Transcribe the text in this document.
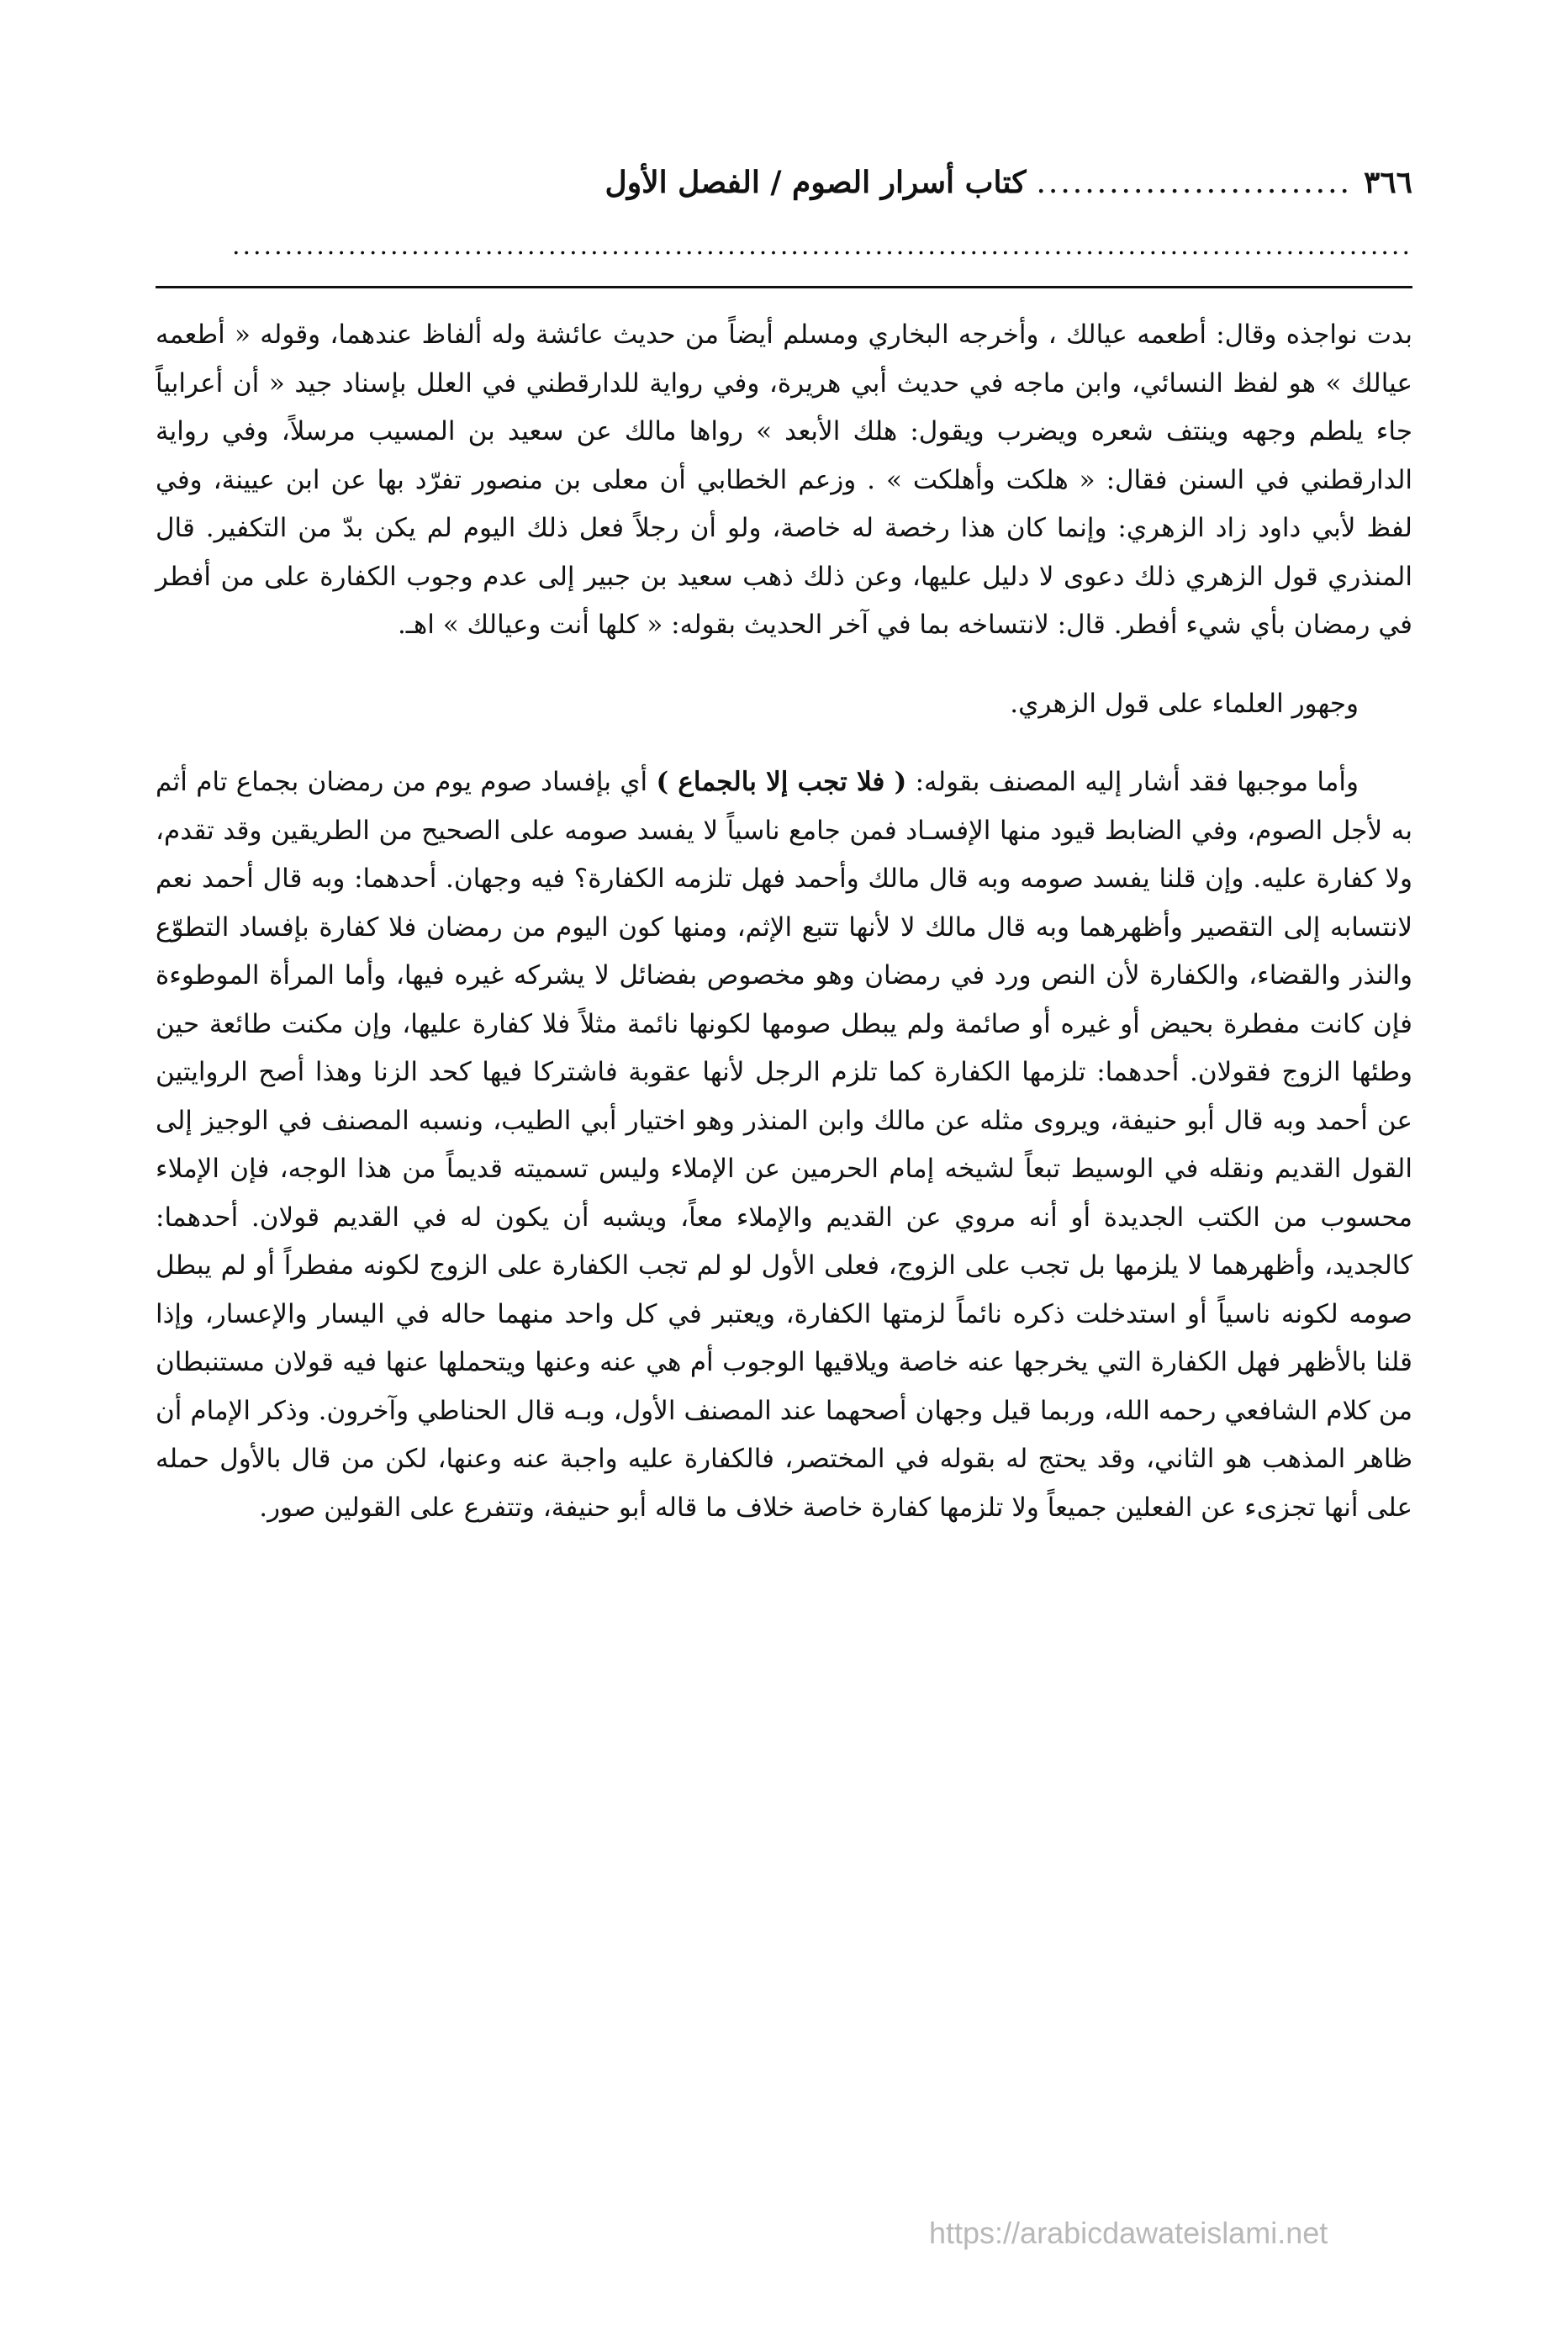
٣٦٦
..........................
كتاب أسرار الصوم / الفصل الأول
................................................................................................................

بدت نواجذه وقال: أطعمه عيالك ، وأخرجه البخاري ومسلم أيضاً من حديث عائشة وله ألفاظ عندهما، وقوله « أطعمه عيالك » هو لفظ النسائي، وابن ماجه في حديث أبي هريرة، وفي رواية للدارقطني في العلل بإسناد جيد « أن أعرابياً جاء يلطم وجهه وينتف شعره ويضرب ويقول: هلك الأبعد » رواها مالك عن سعيد بن المسيب مرسلاً، وفي رواية الدارقطني في السنن فقال: « هلكت وأهلكت » . وزعم الخطابي أن معلى بن منصور تفرّد بها عن ابن عيينة، وفي لفظ لأبي داود زاد الزهري: وإنما كان هذا رخصة له خاصة، ولو أن رجلاً فعل ذلك اليوم لم يكن بدّ من التكفير. قال المنذري قول الزهري ذلك دعوى لا دليل عليها، وعن ذلك ذهب سعيد بن جبير إلى عدم وجوب الكفارة على من أفطر في رمضان بأي شيء أفطر. قال: لانتساخه بما في آخر الحديث بقوله: « كلها أنت وعيالك » اهـ.

وجهور العلماء على قول الزهري.

وأما موجبها فقد أشار إليه المصنف بقوله: ( فلا تجب إلا بالجماع ) أي بإفساد صوم يوم من رمضان بجماع تام أثم به لأجل الصوم، وفي الضابط قيود منها الإفسـاد فمن جامع ناسياً لا يفسد صومه على الصحيح من الطريقين وقد تقدم، ولا كفارة عليه. وإن قلنا يفسد صومه وبه قال مالك وأحمد فهل تلزمه الكفارة؟ فيه وجهان. أحدهما: وبه قال أحمد نعم لانتسابه إلى التقصير وأظهرهما وبه قال مالك لا لأنها تتبع الإثم، ومنها كون اليوم من رمضان فلا كفارة بإفساد التطوّع والنذر والقضاء، والكفارة لأن النص ورد في رمضان وهو مخصوص بفضائل لا يشركه غيره فيها، وأما المرأة الموطوءة فإن كانت مفطرة بحيض أو غيره أو صائمة ولم يبطل صومها لكونها نائمة مثلاً فلا كفارة عليها، وإن مكنت طائعة حين وطئها الزوج فقولان. أحدهما: تلزمها الكفارة كما تلزم الرجل لأنها عقوبة فاشتركا فيها كحد الزنا وهذا أصح الروايتين عن أحمد وبه قال أبو حنيفة، ويروى مثله عن مالك وابن المنذر وهو اختيار أبي الطيب، ونسبه المصنف في الوجيز إلى القول القديم ونقله في الوسيط تبعاً لشيخه إمام الحرمين عن الإملاء وليس تسميته قديماً من هذا الوجه، فإن الإملاء محسوب من الكتب الجديدة أو أنه مروي عن القديم والإملاء معاً، ويشبه أن يكون له في القديم قولان. أحدهما: كالجديد، وأظهرهما لا يلزمها بل تجب على الزوج، فعلى الأول لو لم تجب الكفارة على الزوج لكونه مفطراً أو لم يبطل صومه لكونه ناسياً أو استدخلت ذكره نائماً لزمتها الكفارة، ويعتبر في كل واحد منهما حاله في اليسار والإعسار، وإذا قلنا بالأظهر فهل الكفارة التي يخرجها عنه خاصة ويلاقيها الوجوب أم هي عنه وعنها ويتحملها عنها فيه قولان مستنبطان من كلام الشافعي رحمه الله، وربما قيل وجهان أصحهما عند المصنف الأول، وبـه قال الحناطي وآخرون. وذكر الإمام أن ظاهر المذهب هو الثاني، وقد يحتج له بقوله في المختصر، فالكفارة عليه واجبة عنه وعنها، لكن من قال بالأول حمله على أنها تجزىء عن الفعلين جميعاً ولا تلزمها كفارة خاصة خلاف ما قاله أبو حنيفة، وتتفرع على القولين صور.

https://arabicdawateislami.net
